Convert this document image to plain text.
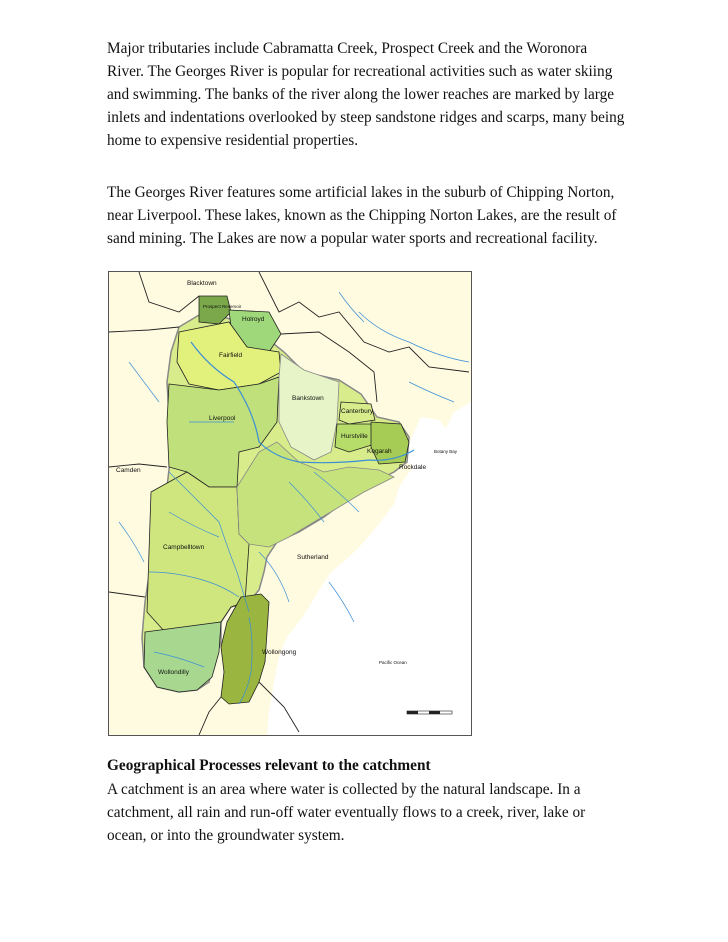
Major tributaries include Cabramatta Creek, Prospect Creek and the Woronora River. The Georges River is popular for recreational activities such as water skiing and swimming. The banks of the river along the lower reaches are marked by large inlets and indentations overlooked by steep sandstone ridges and scarps, many being home to expensive residential properties.

The Georges River features some artificial lakes in the suburb of Chipping Norton, near Liverpool. These lakes, known as the Chipping Norton Lakes, are the result of sand mining. The Lakes are now a popular water sports and recreational facility.

Blacktown
Prospect Reservoir
Holroyd
Fairfield
Bankstown
Canterbury
Liverpool
Hurstville
Kogarah	Botany Bay
Rockdale
Camden
Campbelltown
Sutherland
Wollongong
Pacific Ocean
Wollondilly

Geographical Processes relevant to the catchment

A catchment is an area where water is collected by the natural landscape. In a catchment, all rain and run-off water eventually flows to a creek, river, lake or ocean, or into the groundwater system.
